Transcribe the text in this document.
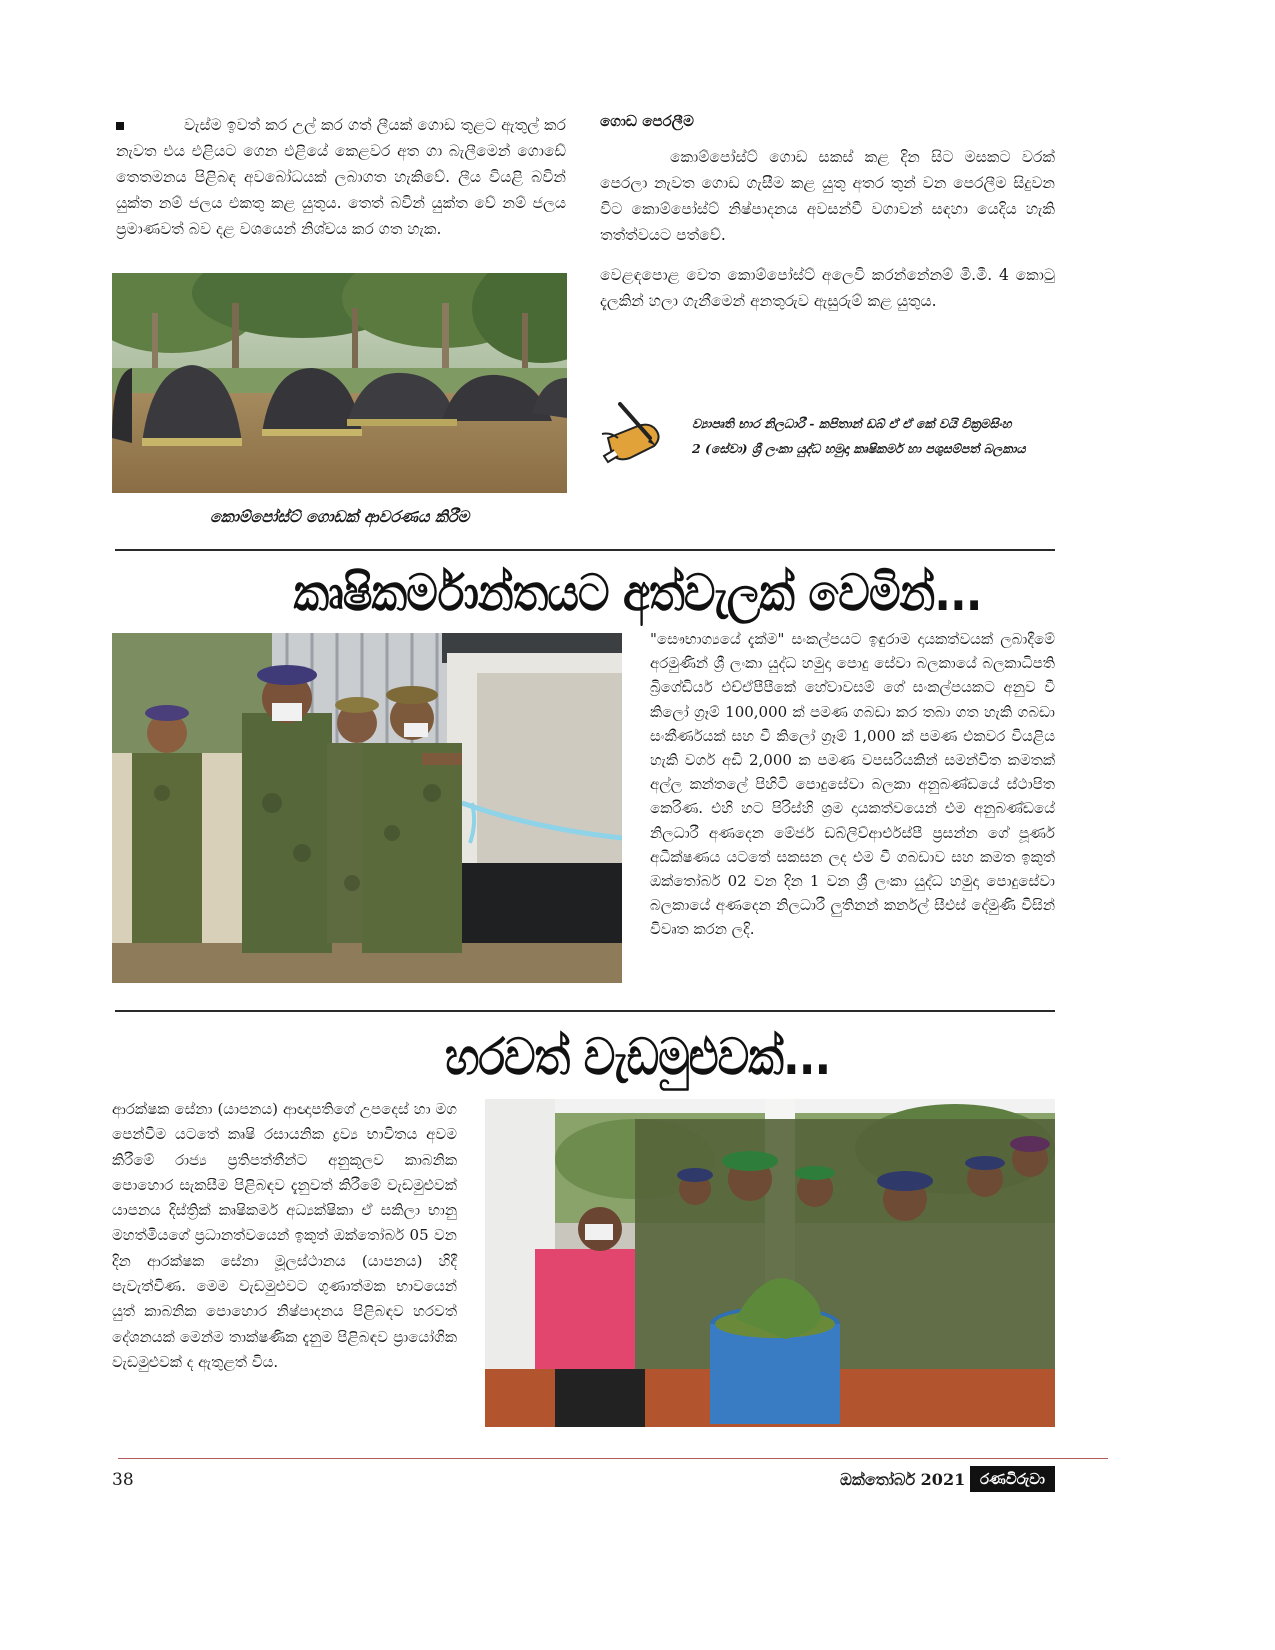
වැස්ම ඉවත් කර උල් කර ගත් ලීයක් ගොඩ තුළට ඇතුල් කර නැවත එය එළියට ගෙන එළියේ කෙළවර අත ගා බැලීමෙන් ගොඩේ තෙතමනය පිළිබඳ අවබෝධයක් ලබාගත හැකිවේ. ලීය වියළි බවින් යුක්ත නම් ජලය එකතු කළ යුතුය. තෙත් බවින් යුක්ත වේ නම් ජලය ප්‍රමාණවත් බව දළ වශයෙන් නිශ්චය කර ගත හැක.

කොම්පෝස්ට් ගොඩක් ආවරණය කිරීම
ගොඩ පෙරලීම

කොම්පෝස්ට් ගොඩ සකස් කළ දින සිට මසකට වරක් පෙරලා නැවත ගොඩ ගැසීම කළ යුතු අතර තුන් වන පෙරලීම සිදුවන විට කොම්පෝස්ට් නිෂ්පාදනය අවසන්වී වගාවන් සඳහා යෙදිය හැකි තත්ත්වයට පත්වේ.

වෙළඳපොළ වෙත කොම්පෝස්ට් අලෙවි කරන්නේනම් මි.මී. 4 කොටු දැලකින් හලා ගැනීමෙන් අනතුරුව ඇසුරුම් කළ යුතුය.

ව්‍යාපෘති භාර නිලධාරී - කපිතාන් ඩබ් ඒ ඒ කේ වයි වික්‍රමසිංහ
2 (සේවා) ශ්‍රී ලංකා යුද්ධ හමුදා කෘෂිකර්ම හා පශුසම්පත් බලකාය
කෘෂිකර්මාන්තයට අත්වැලක් වෙමින්...

"සෞභාග්‍යයේ දැක්ම" සංකල්පයට ඉඳුරාම දායකත්වයක් ලබාදීමේ අරමුණින් ශ්‍රී ලංකා යුද්ධ හමුදා පොදු සේවා බලකායේ බලකාධිපති බ්‍රිගේඩියර් එච්ඒපීපීකේ හේවාවසම් ගේ සංකල්පයකට අනුව වී කිලෝ ග්‍රෑම් 100,000 ක් පමණ ගබඩා කර තබා ගත හැකි ගබඩා සංකීර්ණයක් සහ වී කිලෝ ග්‍රෑම් 1,000 ක් පමණ එකවර වියළිය හැකි වර්ග අඩි 2,000 ක පමණ වපසරියකින් සමන්විත කමතක් අල්ල කන්තලේ පිහිටි පොදුසේවා බලකා අනුබණ්ඩයේ ස්ථාපිත කෙරිණ. එහි හට පිරිස්හි ශ්‍රම දායකත්වයෙන් එම අනුබණ්ඩයේ නිලධාරී අණදෙන මේජර් ඩබ්ලිව්ආර්එස්පී ප්‍රසන්න ගේ පූර්ණ අධීක්ෂණය යටතේ සකසන ලද එම වී ගබඩාව සහ කමත ඉකුත් ඔක්තෝබර් 02 වන දින 1 වන ශ්‍රී ලංකා යුද්ධ හමුදා පොදුසේවා බලකායේ අණදෙන නිලධාරී ලුතිනන් කර්නල් සීඑස් දේමුණි විසින් විවෘත කරන ලදි.

හරවත් වැඩමුළුවක්...

ආරක්ෂක සේනා (යාපනය) ආඥාපතිගේ උපදෙස් හා මග පෙන්වීම යටතේ කෘෂි රසායනික ද්‍රව්‍ය භාවිතය අවම කිරීමේ රාජ්‍ය ප්‍රතිපත්තීන්ට අනුකූලව කාබනික පොහොර සැකසීම පිළිබඳව දැනුවත් කිරීමේ වැඩමුළුවක් යාපනය දිස්ත්‍රික් කෘෂිකර්ම අධ්‍යක්ෂිකා ඒ සකිලා භානු මහත්මියගේ ප්‍රධානත්වයෙන් ඉකුත් ඔක්තෝබර් 05 වන දින ආරක්ෂක සේනා මූලස්ථානය (යාපනය) හිදී පැවැත්විණ. මෙම වැඩමුළුවට ගුණාත්මක භාවයෙන් යුත් කාබනික පොහොර නිෂ්පාදනය පිළිබඳව හරවත් දේශනයක් මෙන්ම තාක්ෂණික දැනුම පිළිබඳව ප්‍රායෝගික වැඩමුළුවක් ද ඇතුළත් විය.

38	ඔක්තෝබර් 2021 රණවිරුවා
